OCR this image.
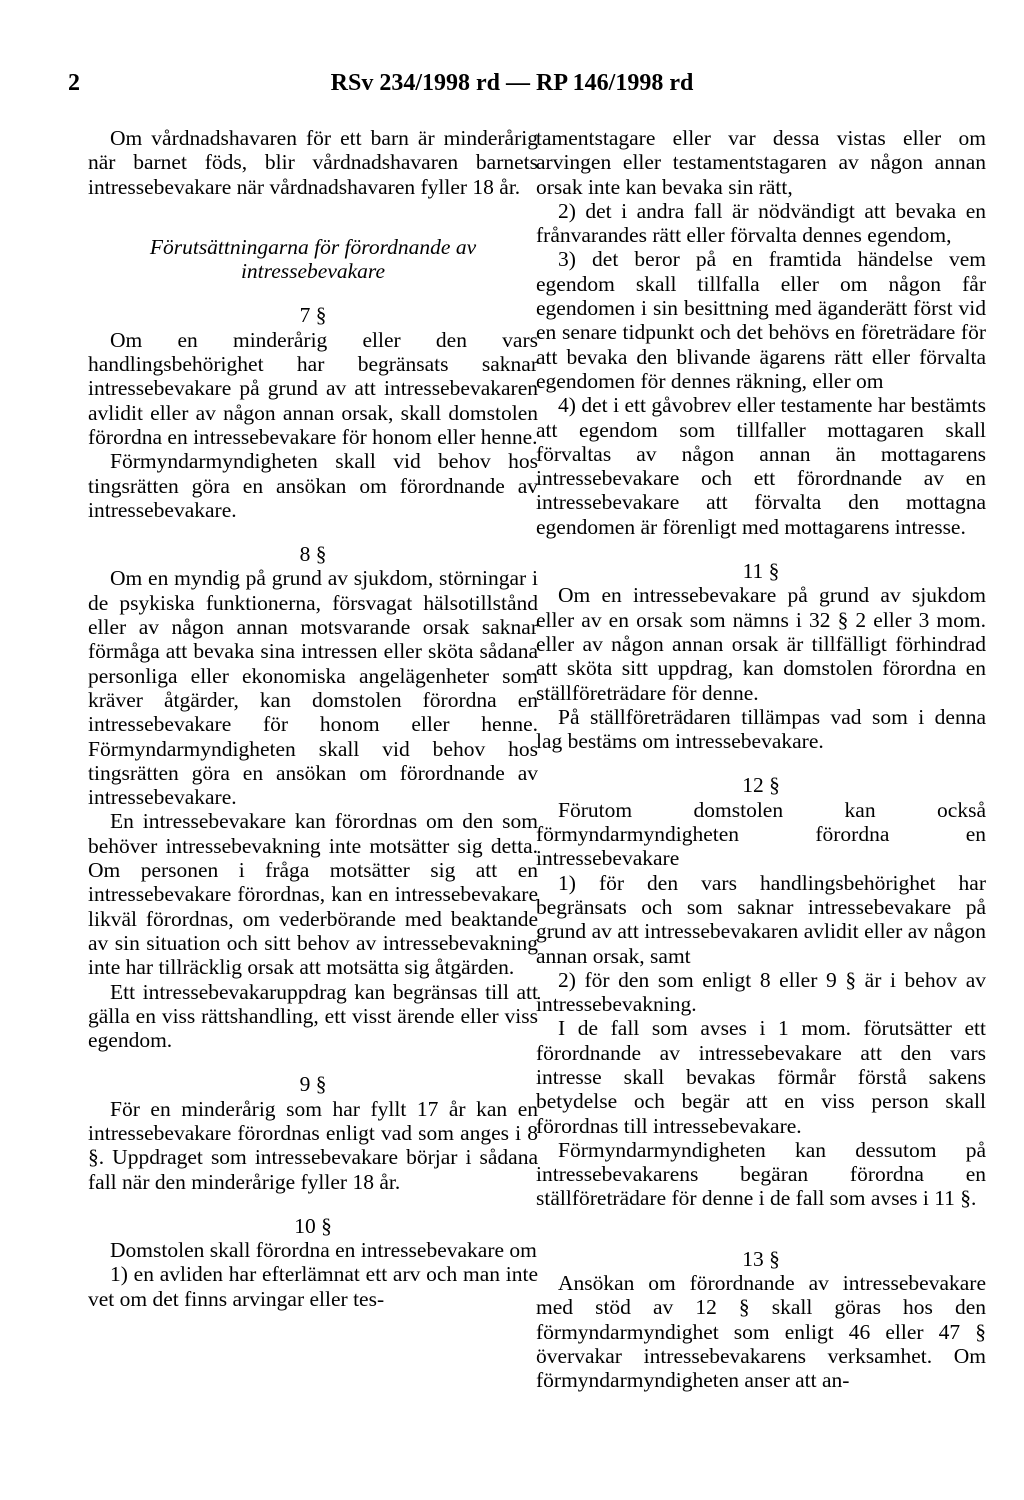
2	RSv 234/1998 rd — RP 146/1998 rd

Om vårdnadshavaren för ett barn är minderårig när barnet föds, blir vårdnadshavaren barnets intressebevakare när vårdnadshavaren fyller 18 år.

Förutsättningarna för förordnande av intressebevakare

7 §

Om en minderårig eller den vars handlingsbehörighet har begränsats saknar intressebevakare på grund av att intressebevakaren avlidit eller av någon annan orsak, skall domstolen förordna en intressebevakare för honom eller henne.

Förmyndarmyndigheten skall vid behov hos tingsrätten göra en ansökan om förordnande av intressebevakare.

8 §

Om en myndig på grund av sjukdom, störningar i de psykiska funktionerna, försvagat hälsotillstånd eller av någon annan motsvarande orsak saknar förmåga att bevaka sina intressen eller sköta sådana personliga eller ekonomiska angelägenheter som kräver åtgärder, kan domstolen förordna en intressebevakare för honom eller henne. Förmyndarmyndigheten skall vid behov hos tingsrätten göra en ansökan om förordnande av intressebevakare.

En intressebevakare kan förordnas om den som behöver intressebevakning inte motsätter sig detta. Om personen i fråga motsätter sig att en intressebevakare förordnas, kan en intressebevakare likväl förordnas, om vederbörande med beaktande av sin situation och sitt behov av intressebevakning inte har tillräcklig orsak att motsätta sig åtgärden.

Ett intressebevakaruppdrag kan begränsas till att gälla en viss rättshandling, ett visst ärende eller viss egendom.

9 §

För en minderårig som har fyllt 17 år kan en intressebevakare förordnas enligt vad som anges i 8 §. Uppdraget som intressebevakare börjar i sådana fall när den minderårige fyller 18 år.

10 §

Domstolen skall förordna en intressebevakare om

1) en avliden har efterlämnat ett arv och man inte vet om det finns arvingar eller tes-

tamentstagare eller var dessa vistas eller om arvingen eller testamentstagaren av någon annan orsak inte kan bevaka sin rätt,

2) det i andra fall är nödvändigt att bevaka en frånvarandes rätt eller förvalta dennes egendom,

3) det beror på en framtida händelse vem egendom skall tillfalla eller om någon får egendomen i sin besittning med äganderätt först vid en senare tidpunkt och det behövs en företrädare för att bevaka den blivande ägarens rätt eller förvalta egendomen för dennes räkning, eller om

4) det i ett gåvobrev eller testamente har bestämts att egendom som tillfaller mottagaren skall förvaltas av någon annan än mottagarens intressebevakare och ett förordnande av en intressebevakare att förvalta den mottagna egendomen är förenligt med mottagarens intresse.

11 §

Om en intressebevakare på grund av sjukdom eller av en orsak som nämns i 32 § 2 eller 3 mom. eller av någon annan orsak är tillfälligt förhindrad att sköta sitt uppdrag, kan domstolen förordna en ställföreträdare för denne.

På ställföreträdaren tillämpas vad som i denna lag bestäms om intressebevakare.

12 §

Förutom domstolen kan också förmyndarmyndigheten förordna en intressebevakare

1) för den vars handlingsbehörighet har begränsats och som saknar intressebevakare på grund av att intressebevakaren avlidit eller av någon annan orsak, samt

2) för den som enligt 8 eller 9 § är i behov av intressebevakning.

I de fall som avses i 1 mom. förutsätter ett förordnande av intressebevakare att den vars intresse skall bevakas förmår förstå sakens betydelse och begär att en viss person skall förordnas till intressebevakare.

Förmyndarmyndigheten kan dessutom på intressebevakarens begäran förordna en ställföreträdare för denne i de fall som avses i 11 §.

13 §

Ansökan om förordnande av intressebevakare med stöd av 12 § skall göras hos den förmyndarmyndighet som enligt 46 eller 47 § övervakar intressebevakarens verksamhet. Om förmyndarmyndigheten anser att an-
